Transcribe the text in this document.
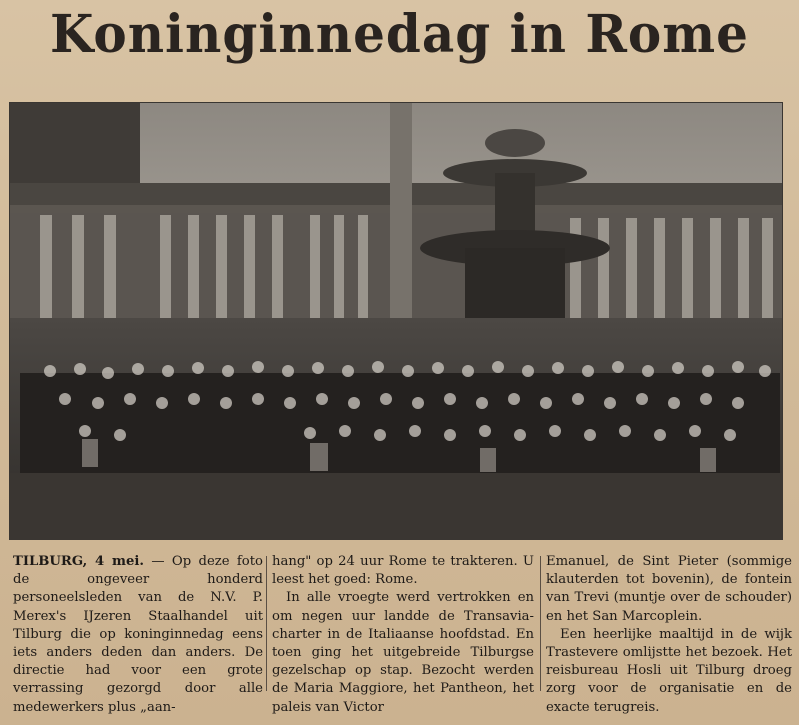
Koninginnedag in Rome

TILBURG, 4 mei. — Op deze foto de ongeveer honderd personeelsleden van de N.V. P. Merex's IJzeren Staalhandel uit Tilburg die op koninginnedag eens iets anders deden dan anders. De directie had voor een grote verrassing gezorgd door alle medewerkers plus „aan-

hang" op 24 uur Rome te trakteren. U leest het goed: Rome.

In alle vroegte werd vertrokken en om negen uur landde de Transavia-charter in de Italiaanse hoofdstad. En toen ging het uitgebreide Tilburgse gezelschap op stap. Bezocht werden de Maria Maggiore, het Pantheon, het paleis van Victor

Emanuel, de Sint Pieter (sommige klauterden tot bovenin), de fontein van Trevi (muntje over de schouder) en het San Marcoplein.

Een heerlijke maaltijd in de wijk Trastevere omlijstte het bezoek. Het reisbureau Hosli uit Tilburg droeg zorg voor de organisatie en de exacte terugreis.
